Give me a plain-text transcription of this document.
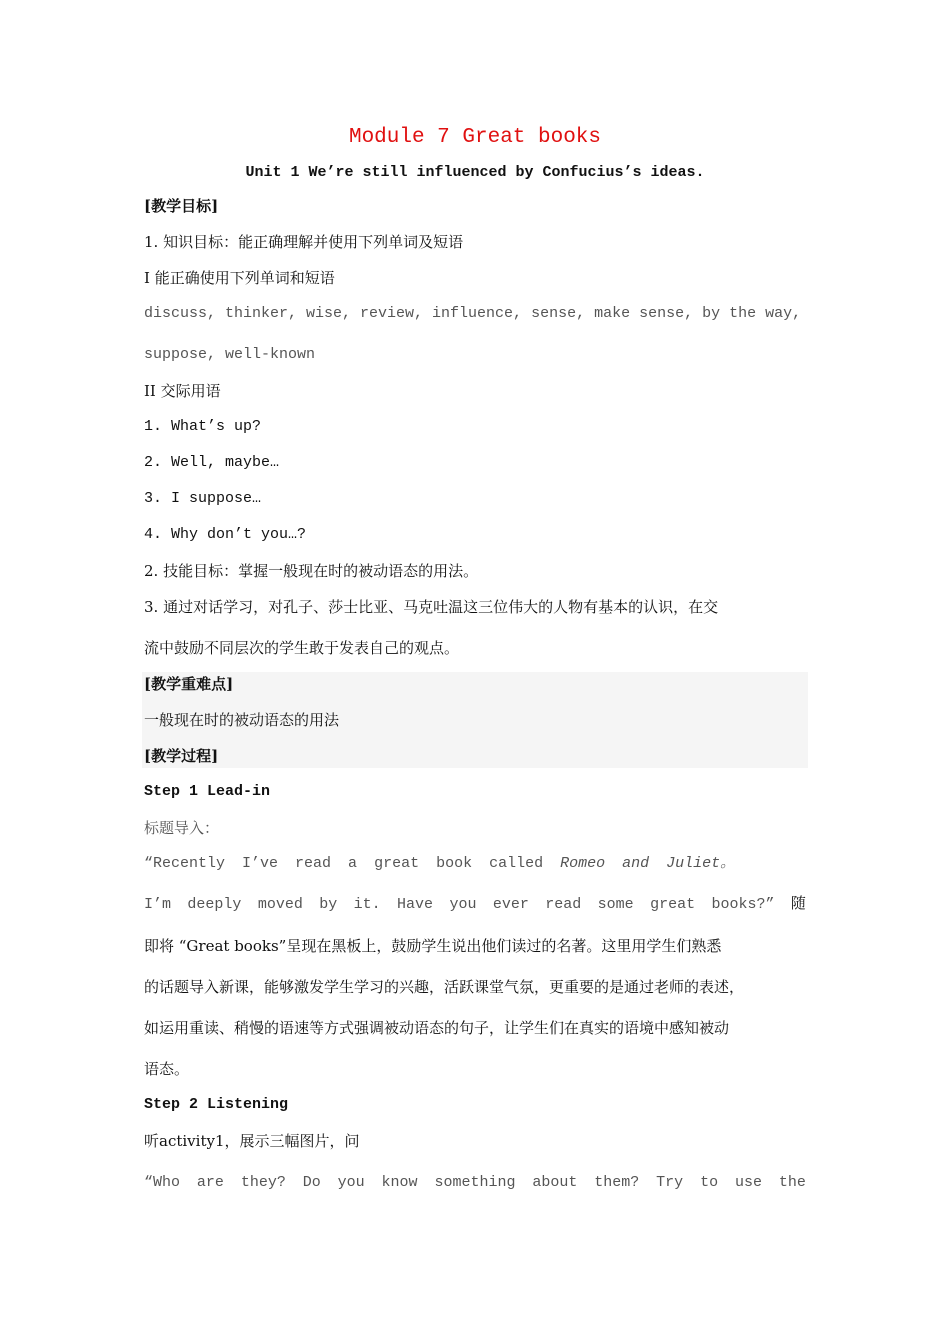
Module 7 Great books
Unit 1 We’re still influenced by Confucius’s ideas.
[教学目标]
1. 知识目标：能正确理解并使用下列单词及短语
I 能正确使用下列单词和短语
discuss, thinker, wise, review, influence, sense, make sense, by the way,
suppose, well-known
II 交际用语
1. What’s up?
2. Well, maybe…
3. I suppose…
4. Why don’t you…?
2. 技能目标：掌握一般现在时的被动语态的用法。
3. 通过对话学习，对孔子、莎士比亚、马克吐温这三位伟大的人物有基本的认识，在交
流中鼓励不同层次的学生敢于发表自己的观点。
[教学重难点]
一般现在时的被动语态的用法
[教学过程]
Step 1 Lead-in
标题导入：
“Recently I’ve read a great book called Romeo and Juliet。
I’m deeply moved by it. Have you ever read some great books?” 随
即将 “Great books”呈现在黑板上，鼓励学生说出他们读过的名著。这里用学生们熟悉
的话题导入新课，能够激发学生学习的兴趣，活跃课堂气氛，更重要的是通过老师的表述，
如运用重读、稍慢的语速等方式强调被动语态的句子，让学生们在真实的语境中感知被动
语态。
Step 2 Listening
听activity1，展示三幅图片，问
“Who are they? Do you know something about them? Try to use the
